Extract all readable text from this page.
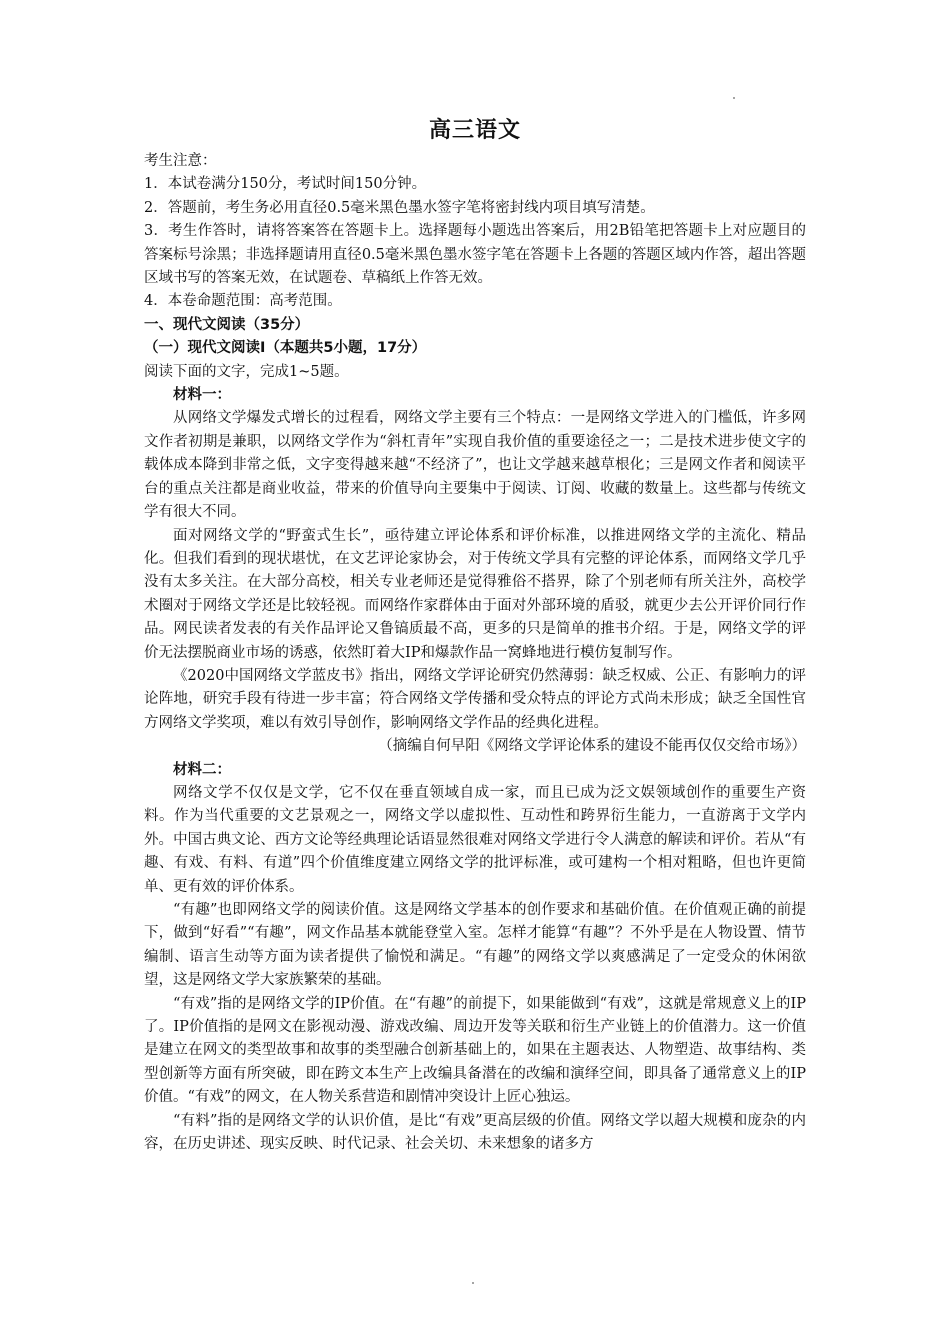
高三语文

考生注意：

1．本试卷满分150分，考试时间150分钟。

2．答题前，考生务必用直径0.5毫米黑色墨水签字笔将密封线内项目填写清楚。

3．考生作答时，请将答案答在答题卡上。选择题每小题选出答案后，用2B铅笔把答题卡上对应题目的答案标号涂黑；非选择题请用直径0.5毫米黑色墨水签字笔在答题卡上各题的答题区域内作答，超出答题区域书写的答案无效，在试题卷、草稿纸上作答无效。

4．本卷命题范围：高考范围。

一、现代文阅读（35分）

（一）现代文阅读Ⅰ（本题共5小题，17分）

阅读下面的文字，完成1~5题。

材料一：

从网络文学爆发式增长的过程看，网络文学主要有三个特点：一是网络文学进入的门槛低，许多网文作者初期是兼职，以网络文学作为“斜杠青年”实现自我价值的重要途径之一；二是技术进步使文字的载体成本降到非常之低，文字变得越来越“不经济了”，也让文学越来越草根化；三是网文作者和阅读平台的重点关注都是商业收益，带来的价值导向主要集中于阅读、订阅、收藏的数量上。这些都与传统文学有很大不同。

面对网络文学的“野蛮式生长”，亟待建立评论体系和评价标准，以推进网络文学的主流化、精品化。但我们看到的现状堪忧，在文艺评论家协会，对于传统文学具有完整的评论体系，而网络文学几乎没有太多关注。在大部分高校，相关专业老师还是觉得雅俗不搭界，除了个别老师有所关注外，高校学术圈对于网络文学还是比较轻视。而网络作家群体由于面对外部环境的盾驳，就更少去公开评价同行作品。网民读者发表的有关作品评论又鲁镐质最不高，更多的只是简单的推书介绍。于是，网络文学的评价无法摆脱商业市场的诱惑，依然盯着大IP和爆款作品一窝蜂地进行模仿复制写作。

《2020中国网络文学蓝皮书》指出，网络文学评论研究仍然薄弱：缺乏权威、公正、有影响力的评论阵地，研究手段有待进一步丰富；符合网络文学传播和受众特点的评论方式尚未形成；缺乏全国性官方网络文学奖项，难以有效引导创作，影响网络文学作品的经典化进程。

（摘编自何早阳《网络文学评论体系的建设不能再仅仅交给市场》）

材料二：

网络文学不仅仅是文学，它不仅在垂直领域自成一家，而且已成为泛文娱领域创作的重要生产资料。作为当代重要的文艺景观之一，网络文学以虚拟性、互动性和跨界衍生能力，一直游离于文学内外。中国古典文论、西方文论等经典理论话语显然很难对网络文学进行令人满意的解读和评价。若从“有趣、有戏、有料、有道”四个价值维度建立网络文学的批评标准，或可建构一个相对粗略，但也许更简单、更有效的评价体系。

“有趣”也即网络文学的阅读价值。这是网络文学基本的创作要求和基础价值。在价值观正确的前提下，做到“好看”“有趣”，网文作品基本就能登堂入室。怎样才能算“有趣”？不外乎是在人物设置、情节编制、语言生动等方面为读者提供了愉悦和满足。“有趣”的网络文学以爽感满足了一定受众的休闲欲望，这是网络文学大家族繁荣的基础。

“有戏”指的是网络文学的IP价值。在“有趣”的前提下，如果能做到“有戏”，这就是常规意义上的IP了。IP价值指的是网文在影视动漫、游戏改编、周边开发等关联和衍生产业链上的价值潜力。这一价值是建立在网文的类型故事和故事的类型融合创新基础上的，如果在主题表达、人物塑造、故事结构、类型创新等方面有所突破，即在跨文本生产上改编具备潜在的改编和演绎空间，即具备了通常意义上的IP价值。“有戏”的网文，在人物关系营造和剧情冲突设计上匠心独运。

“有料”指的是网络文学的认识价值，是比“有戏”更高层级的价值。网络文学以超大规模和庞杂的内容，在历史讲述、现实反映、时代记录、社会关切、未来想象的诸多方
